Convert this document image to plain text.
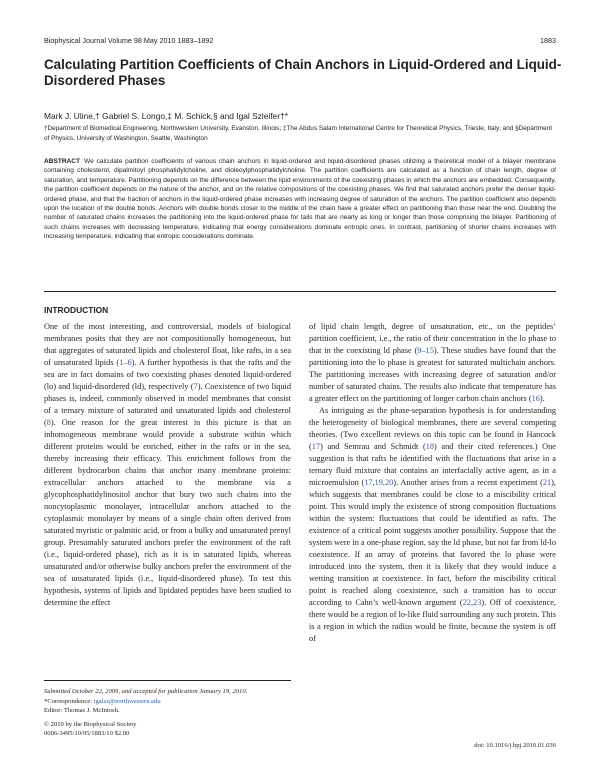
Biophysical Journal Volume 98 May 2010 1883–1892	1883
Calculating Partition Coefficients of Chain Anchors in Liquid-Ordered and Liquid-Disordered Phases
Mark J. Uline,† Gabriel S. Longo,‡ M. Schick,§ and Igal Szleifer†*
†Department of Biomedical Engineering, Northwestern University, Evanston, Illinois; ‡The Abdus Salam International Centre for Theoretical Physics, Trieste, Italy; and §Department of Physics, University of Washington, Seattle, Washington
ABSTRACT We calculate partition coefficients of various chain anchors in liquid-ordered and liquid-disordered phases utilizing a theoretical model of a bilayer membrane containing cholesterol, dipalmitoyl phosphatidylcholine, and dioleoylphosphatidylcholine. The partition coefficients are calculated as a function of chain length, degree of saturation, and temperature. Partitioning depends on the difference between the lipid environments of the coexisting phases in which the anchors are embedded. Consequently, the partition coefficient depends on the nature of the anchor, and on the relative compositions of the coexisting phases. We find that saturated anchors prefer the denser liquid-ordered phase, and that the fraction of anchors in the liquid-ordered phase increases with increasing degree of saturation of the anchors. The partition coefficient also depends upon the location of the double bonds. Anchors with double bonds closer to the middle of the chain have a greater effect on partitioning than those near the end. Doubling the number of saturated chains increases the partitioning into the liquid-ordered phase for tails that are nearly as long or longer than those comprising the bilayer. Partitioning of such chains increases with decreasing temperature, indicating that energy considerations dominate entropic ones. In contrast, partitioning of shorter chains increases with increasing temperature, indicating that entropic considerations dominate.
INTRODUCTION

One of the most interesting, and controversial, models of biological membranes posits that they are not compositionally homogeneous, but that aggregates of saturated lipids and cholesterol float, like rafts, in a sea of unsaturated lipids (1–6). A further hypothesis is that the rafts and the sea are in fact domains of two coexisting phases denoted liquid-ordered (lo) and liquid-disordered (ld), respectively (7). Coexistence of two liquid phases is, indeed, commonly observed in model membranes that consist of a ternary mixture of saturated and unsaturated lipids and cholesterol (8). One reason for the great interest in this picture is that an inhomogeneous membrane would provide a substrate within which different proteins would be enriched, either in the rafts or in the sea, thereby increasing their efficacy. This enrichment follows from the different hydrocarbon chains that anchor many membrane proteins: extracellular anchors attached to the membrane via a glycophosphatidylinositol anchor that bury two such chains into the noncytoplasmic monolayer, intracellular anchors attached to the cytoplasmic monolayer by means of a single chain often derived from saturated myristic or palmitic acid, or from a bulky and unsaturated prenyl group. Presumably saturated anchors prefer the environment of the raft (i.e., liquid-ordered phase), rich as it is in saturated lipids, whereas unsaturated and/or otherwise bulky anchors prefer the environment of the sea of unsaturated lipids (i.e., liquid-disordered phase). To test this hypothesis, systems of lipids and lipidated peptides have been studied to determine the effect

of lipid chain length, degree of unsaturation, etc., on the peptides’ partition coefficient, i.e., the ratio of their concentration in the lo phase to that in the coexisting ld phase (9–15). These studies have found that the partitioning into the lo phase is greatest for saturated multichain anchors. The partitioning increases with increasing degree of saturation and/or number of saturated chains. The results also indicate that temperature has a greater effect on the partitioning of longer carbon chain anchors (16).

As intriguing as the phase-separation hypothesis is for understanding the heterogeneity of biological membranes, there are several competing theories. (Two excellent reviews on this topic can be found in Hancock (17) and Semrau and Schmidt (18) and their cited references.) One suggestion is that rafts be identified with the fluctuations that arise in a ternary fluid mixture that contains an interfacially active agent, as in a microemulsion (17,19,20). Another arises from a recent experiment (21), which suggests that membranes could be close to a miscibility critical point. This would imply the existence of strong composition fluctuations within the system: fluctuations that could be identified as rafts. The existence of a critical point suggests another possibility. Suppose that the system were in a one-phase region, say the ld phase, but not far from ld-lo coexistence. If an array of proteins that favored the lo phase were introduced into the system, then it is likely that they would induce a wetting transition at coexistence. In fact, before the miscibility critical point is reached along coexistence, such a transition has to occur according to Cahn’s well-known argument (22,23). Off of coexistence, there would be a region of lo-like fluid surrounding any such protein. This is a region in which the radius would be finite, because the system is off of

Submitted October 22, 2009, and accepted for publication January 19, 2010.
*Correspondence: igalsz@northwestern.edu
Editor: Thomas J. McIntosh.
© 2010 by the Biophysical Society
0006-3495/10/05/1883/10 $2.00
doi: 10.1016/j.bpj.2010.01.036
